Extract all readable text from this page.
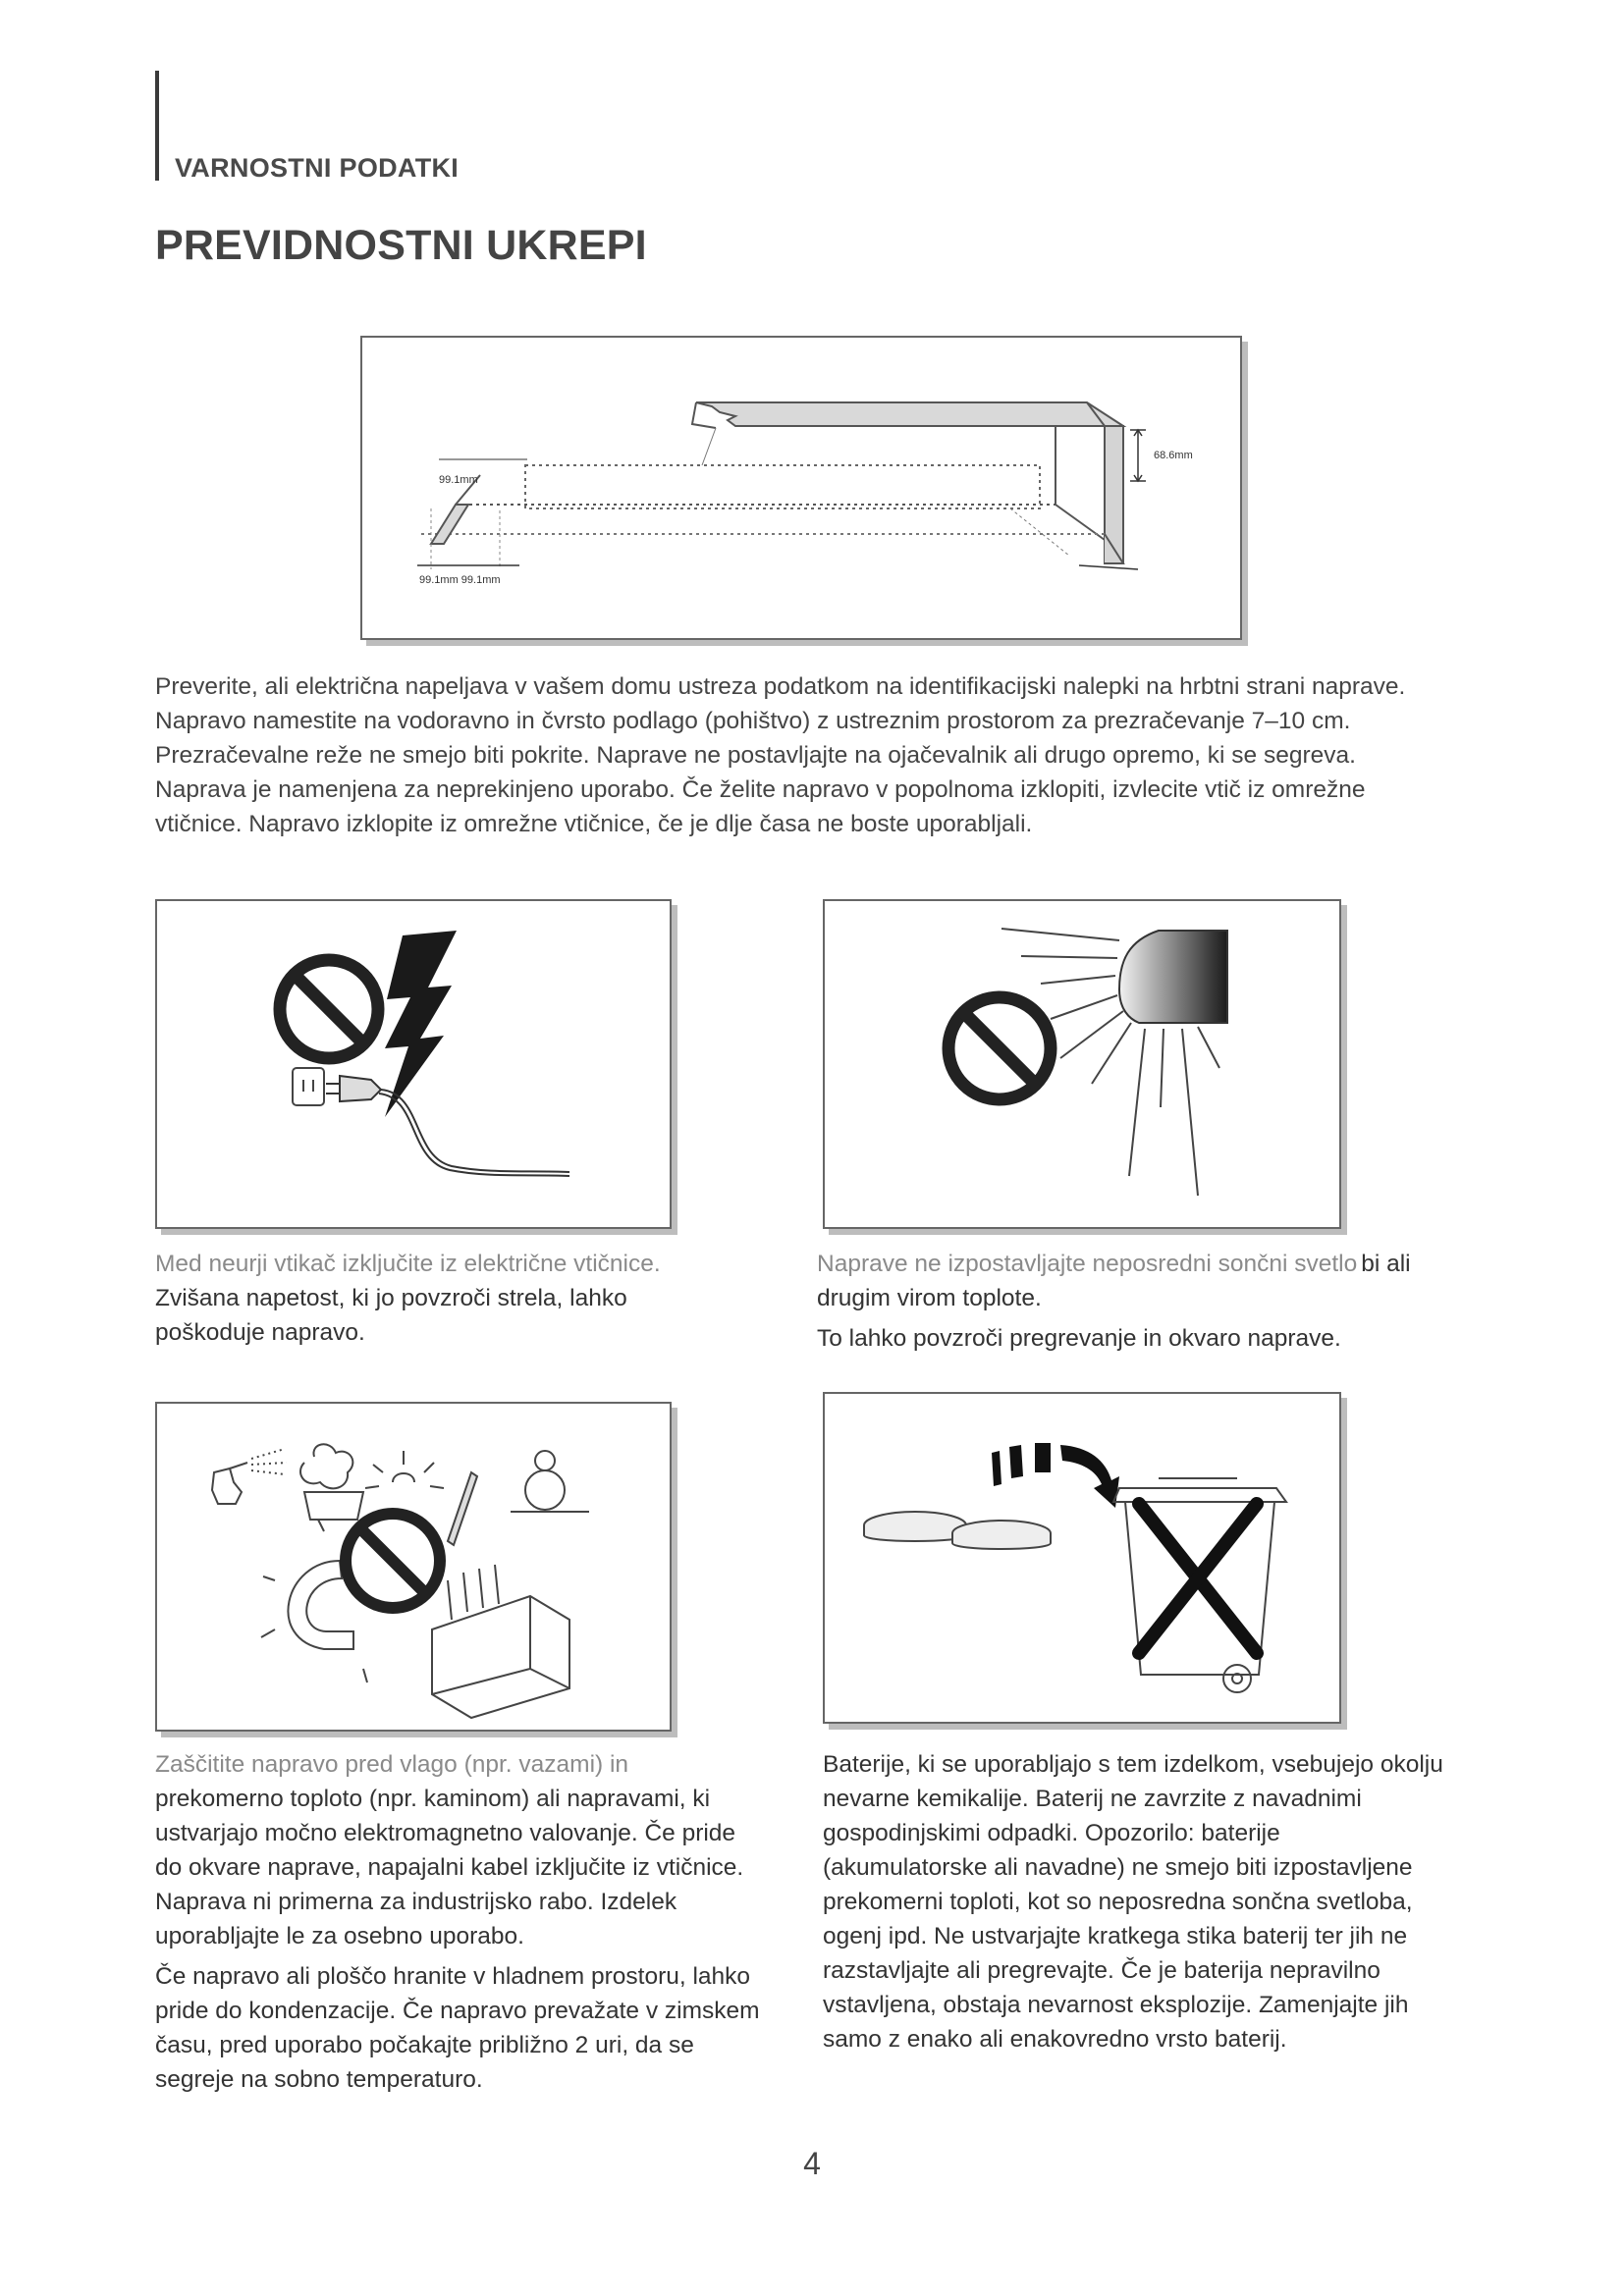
VARNOSTNI PODATKI
PREVIDNOSTNI UKREPI
68.6mm
99.1mm
99.1mm 99.1mm
Preverite, ali električna napeljava v vašem domu ustreza podatkom na identifikacijski nalepki na hrbtni strani napravе. Napravo namestite na vodoravno in čvrsto podlago (pohištvo) z ustreznim prostorom za prezračevanje 7–10 cm. Prezračevalne reže ne smejo biti pokrite. Naprave ne postavljajte na ojačevalnik ali drugo opremo, ki se segreva. Naprava je namenjena za neprekinjeno uporabo. Če želite napravo v popolnoma izklopiti, izvlecite vtič iz omrežne vtičnice. Napravo izklopite iz omrežne vtičnice, če je dlje časa ne boste uporabljali.

Med neurji vtikač izključite iz električne vtičnice.

Zvišana napetost, ki jo povzroči strela, lahko poškoduje napravo.

Naprave ne izpostavljajte neposredni sončni svetlo bi ali

drugim virom toplote.

To lahko povzroči pregrevanje in okvaro naprave.

Zaščitite napravo pred vlago (npr. vazami) in

prekomerno toploto (npr. kaminom) ali napravami, ki ustvarjajo močno elektromagnetno valovanje. Če pride do okvare naprave, napajalni kabel izključite iz vtičnice. Naprava ni primerna za industrijsko rabo. Izdelek uporabljajte le za osebno uporabo.

Če napravo ali ploščo hranite v hladnem prostoru, lahko pride do kondenzacije. Če napravo prevažate v zimskem času, pred uporabo počakajte približno 2 uri, da se segreje na sobno temperaturo.

Baterije, ki se uporabljajo s tem izdelkom, vsebujejo okolju nevarne kemikalije. Baterij ne zavrzite z navadnimi gospodinjskimi odpadki. Opozorilo: baterije (akumulatorske ali navadne) ne smejo biti izpostavljene prekomerni toploti, kot so neposredna sončna svetloba, ogenj ipd. Ne ustvarjajte kratkega stika baterij ter jih ne razstavljajte ali pregrevajte. Če je baterija nepravilno vstavljena, obstaja nevarnost eksplozije. Zamenjajte jih samo z enako ali enakovredno vrsto baterij.

4
